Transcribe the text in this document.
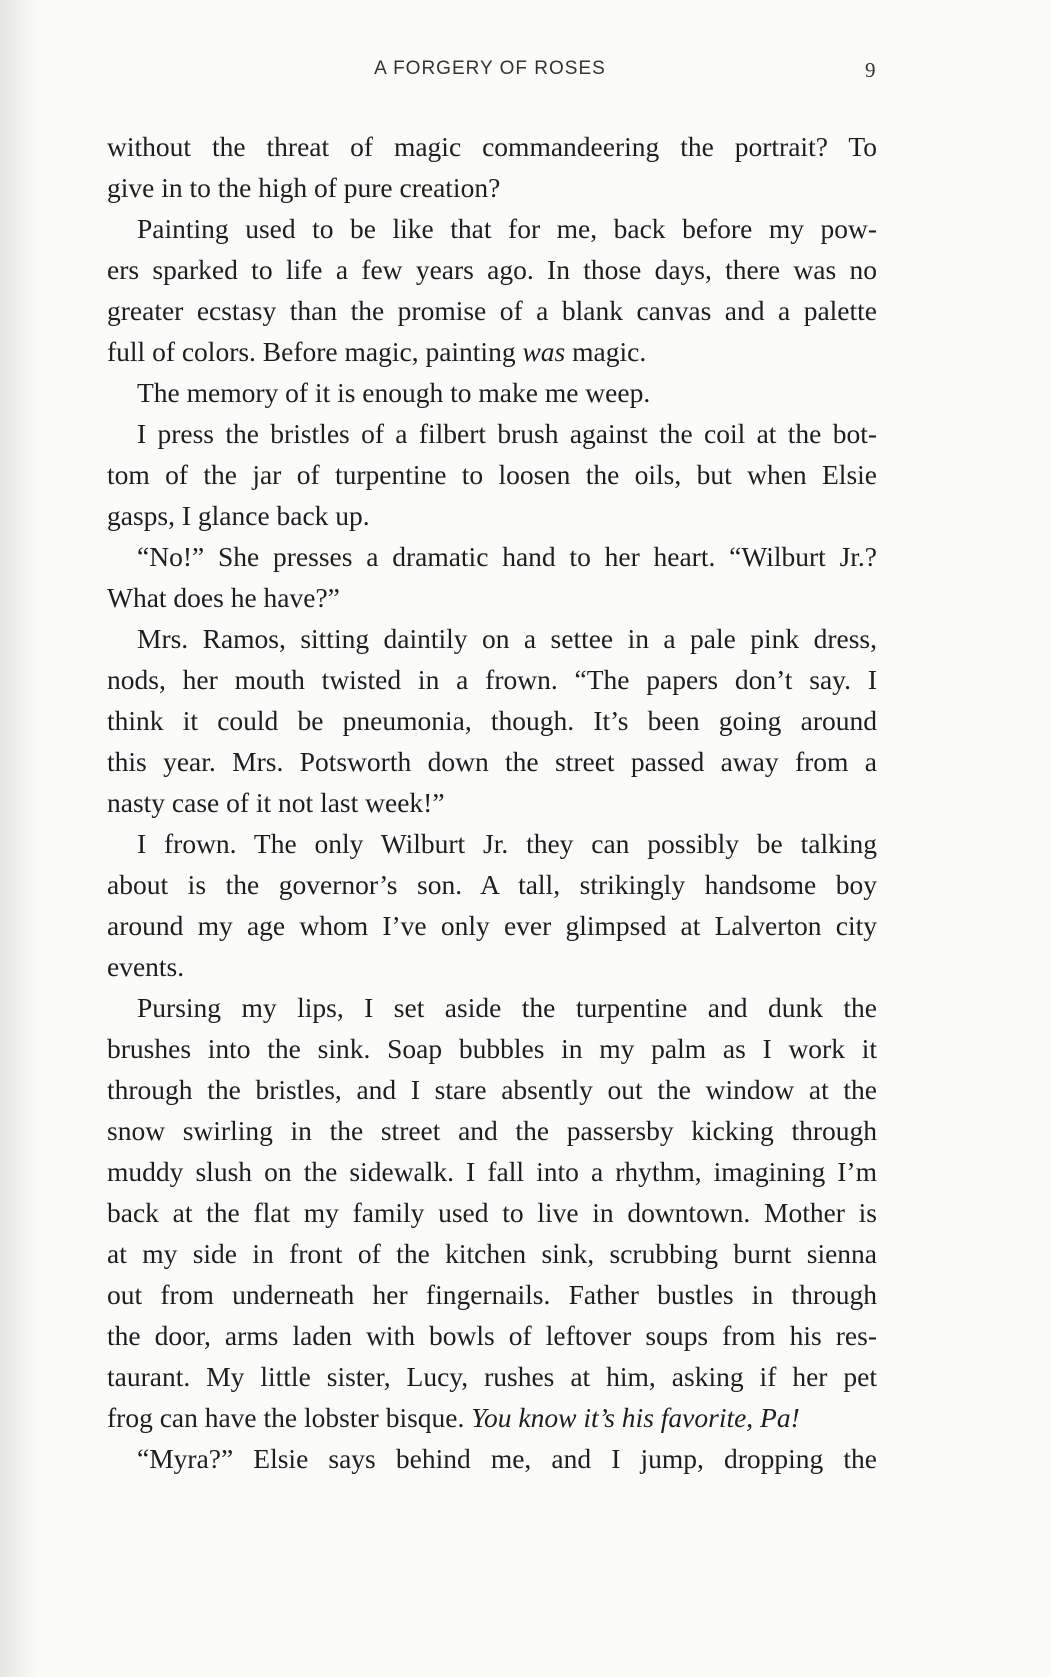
A FORGERY OF ROSES	9
without the threat of magic commandeering the portrait? To
give in to the high of pure creation?
Painting used to be like that for me, back before my pow-
ers sparked to life a few years ago. In those days, there was no
greater ecstasy than the promise of a blank canvas and a palette
full of colors. Before magic, painting was magic.
The memory of it is enough to make me weep.
I press the bristles of a filbert brush against the coil at the bot-
tom of the jar of turpentine to loosen the oils, but when Elsie
gasps, I glance back up.
“No!” She presses a dramatic hand to her heart. “Wilburt Jr.?
What does he have?”
Mrs. Ramos, sitting daintily on a settee in a pale pink dress,
nods, her mouth twisted in a frown. “The papers don’t say. I
think it could be pneumonia, though. It’s been going around
this year. Mrs. Potsworth down the street passed away from a
nasty case of it not last week!”
I frown. The only Wilburt Jr. they can possibly be talking
about is the governor’s son. A tall, strikingly handsome boy
around my age whom I’ve only ever glimpsed at Lalverton city
events.
Pursing my lips, I set aside the turpentine and dunk the
brushes into the sink. Soap bubbles in my palm as I work it
through the bristles, and I stare absently out the window at the
snow swirling in the street and the passersby kicking through
muddy slush on the sidewalk. I fall into a rhythm, imagining I’m
back at the flat my family used to live in downtown. Mother is
at my side in front of the kitchen sink, scrubbing burnt sienna
out from underneath her fingernails. Father bustles in through
the door, arms laden with bowls of leftover soups from his res-
taurant. My little sister, Lucy, rushes at him, asking if her pet
frog can have the lobster bisque. You know it’s his favorite, Pa!
“Myra?” Elsie says behind me, and I jump, dropping the
